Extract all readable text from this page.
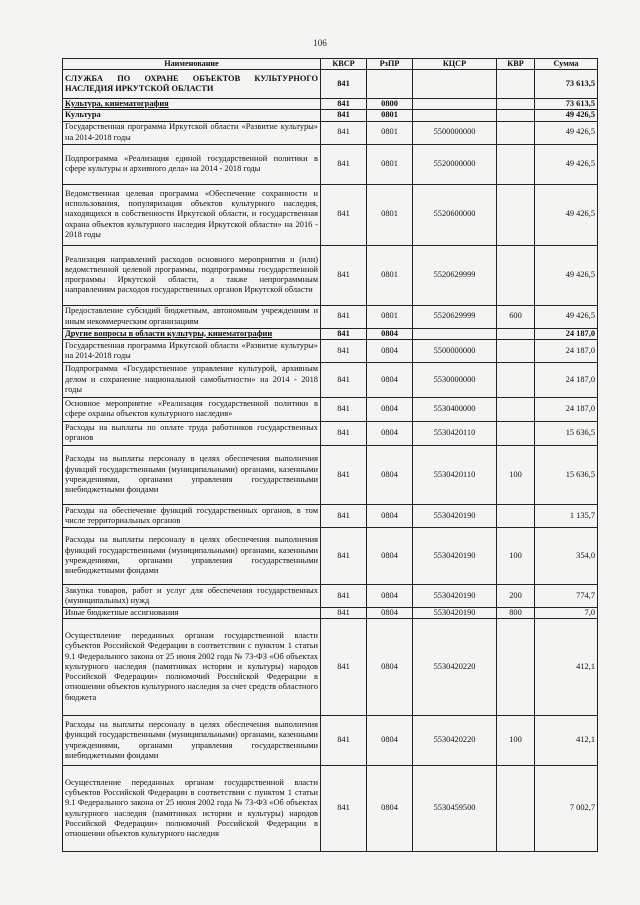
106
Наименование	КВСР	РзПР	КЦСР	КВР	Сумма
СЛУЖБА ПО ОХРАНЕ ОБЪЕКТОВ КУЛЬТУРНОГО НАСЛЕДИЯ ИРКУТСКОЙ ОБЛАСТИ	841				73 613,5
Культура, кинематография	841	0800			73 613,5
Культура	841	0801			49 426,5
Государственная программа Иркутской области «Развитие культуры» на 2014-2018 годы	841	0801	5500000000		49 426,5
Подпрограмма «Реализация единой государственной политики в сфере культуры и архивного дела» на 2014 - 2018 годы	841	0801	5520000000		49 426,5
Ведомственная целевая программа «Обеспечение сохранности и использования, популяризация объектов культурного наследия, находящихся в собственности Иркутской области, и государственная охрана объектов культурного наследия Иркутской области» на 2016 - 2018 годы	841	0801	5520600000		49 426,5
Реализация направлений расходов основного мероприятия и (или) ведомственной целевой программы, подпрограммы государственной программы Иркутской области, а также непрограммным направлениям расходов государственных органов Иркутской области	841	0801	5520629999		49 426,5
Предоставление субсидий бюджетным, автономным учреждениям и иным некоммерческим организациям	841	0801	5520629999	600	49 426,5
Другие вопросы в области культуры, кинематографии	841	0804			24 187,0
Государственная программа Иркутской области «Развитие культуры» на 2014-2018 годы	841	0804	5500000000		24 187,0
Подпрограмма «Государственное управление культурой, архивным делом и сохранение национальной самобытности» на 2014 - 2018 годы	841	0804	5530000000		24 187,0
Основное мероприятие «Реализация государственной политики в сфере охраны объектов культурного наследия»	841	0804	5530400000		24 187,0
Расходы на выплаты по оплате труда работников государственных органов	841	0804	5530420110		15 636,5
Расходы на выплаты персоналу в целях обеспечения выполнения функций государственными (муниципальными) органами, казенными учреждениями, органами управления государственными внебюджетными фондами	841	0804	5530420110	100	15 636,5
Расходы на обеспечение функций государственных органов, в том числе территориальных органов	841	0804	5530420190		1 135,7
Расходы на выплаты персоналу в целях обеспечения выполнения функций государственными (муниципальными) органами, казенными учреждениями, органами управления государственными внебюджетными фондами	841	0804	5530420190	100	354,0
Закупка товаров, работ и услуг для обеспечения государственных (муниципальных) нужд	841	0804	5530420190	200	774,7
Иные бюджетные ассигнования	841	0804	5530420190	800	7,0
Осуществление переданных органам государственной власти субъектов Российской Федерации в соответствии с пунктом 1 статьи 9.1 Федерального закона от 25 июня 2002 года № 73-ФЗ «Об объектах культурного наследия (памятниках истории и культуры) народов Российской Федерации» полномочий Российской Федерации в отношении объектов культурного наследия за счет средств областного бюджета	841	0804	5530420220		412,1
Расходы на выплаты персоналу в целях обеспечения выполнения функций государственными (муниципальными) органами, казенными учреждениями, органами управления государственными внебюджетными фондами	841	0804	5530420220	100	412,1
Осуществление переданных органам государственной власти субъектов Российской Федерации в соответствии с пунктом 1 статьи 9.1 Федерального закона от 25 июня 2002 года № 73-ФЗ «Об объектах культурного наследия (памятниках истории и культуры) народов Российской Федерации» полномочий Российской Федерации в отношении объектов культурного наследия	841	0804	5530459500		7 002,7
